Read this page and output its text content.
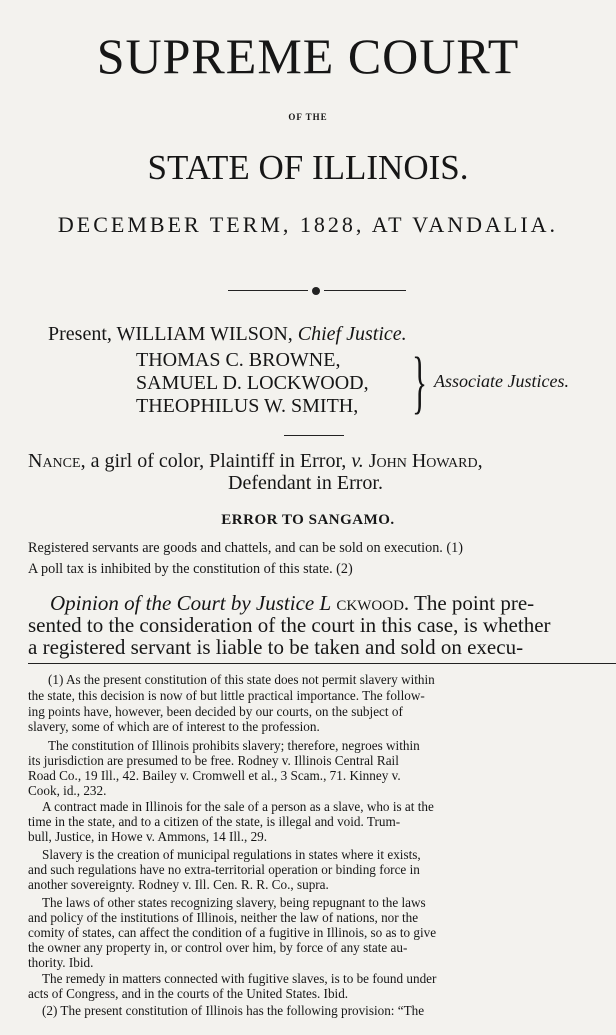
SUPREME COURT
OF THE
STATE OF ILLINOIS.
DECEMBER TERM, 1828, AT VANDALIA.
Present, WILLIAM WILSON, Chief Justice.
THOMAS C. BROWNE,
SAMUEL D. LOCKWOOD,
THEOPHILUS W. SMITH, } Associate Justices.
Nance, a girl of color, Plaintiff in Error, v. John Howard,
Defendant in Error.
ERROR TO SANGAMO.
Registered servants are goods and chattels, and can be sold on execution. (1)
A poll tax is inhibited by the constitution of this state. (2)
Opinion of the Court by Justice L ckwood. The point pre-
sented to the consideration of the court in this case, is whether
a registered servant is liable to be taken and sold on execu-
(1) As the present constitution of this state does not permit slavery within
the state, this decision is now of but little practical importance. The follow-
ing points have, however, been decided by our courts, on the subject of
slavery, some of which are of interest to the profession.
The constitution of Illinois prohibits slavery; therefore, negroes within
its jurisdiction are presumed to be free. Rodney v. Illinois Central Rail
Road Co., 19 Ill., 42. Bailey v. Cromwell et al., 3 Scam., 71. Kinney v.
Cook, id., 232.
A contract made in Illinois for the sale of a person as a slave, who is at the
time in the state, and to a citizen of the state, is illegal and void. Trum-
bull, Justice, in Howe v. Ammons, 14 Ill., 29.
Slavery is the creation of municipal regulations in states where it exists,
and such regulations have no extra-territorial operation or binding force in
another sovereignty. Rodney v. Ill. Cen. R. R. Co., supra.
The laws of other states recognizing slavery, being repugnant to the laws
and policy of the institutions of Illinois, neither the law of nations, nor the
comity of states, can affect the condition of a fugitive in Illinois, so as to give
the owner any property in, or control over him, by force of any state au-
thority. Ibid.
The remedy in matters connected with fugitive slaves, is to be found under
acts of Congress, and in the courts of the United States. Ibid.
(2) The present constitution of Illinois has the following provision: “The
